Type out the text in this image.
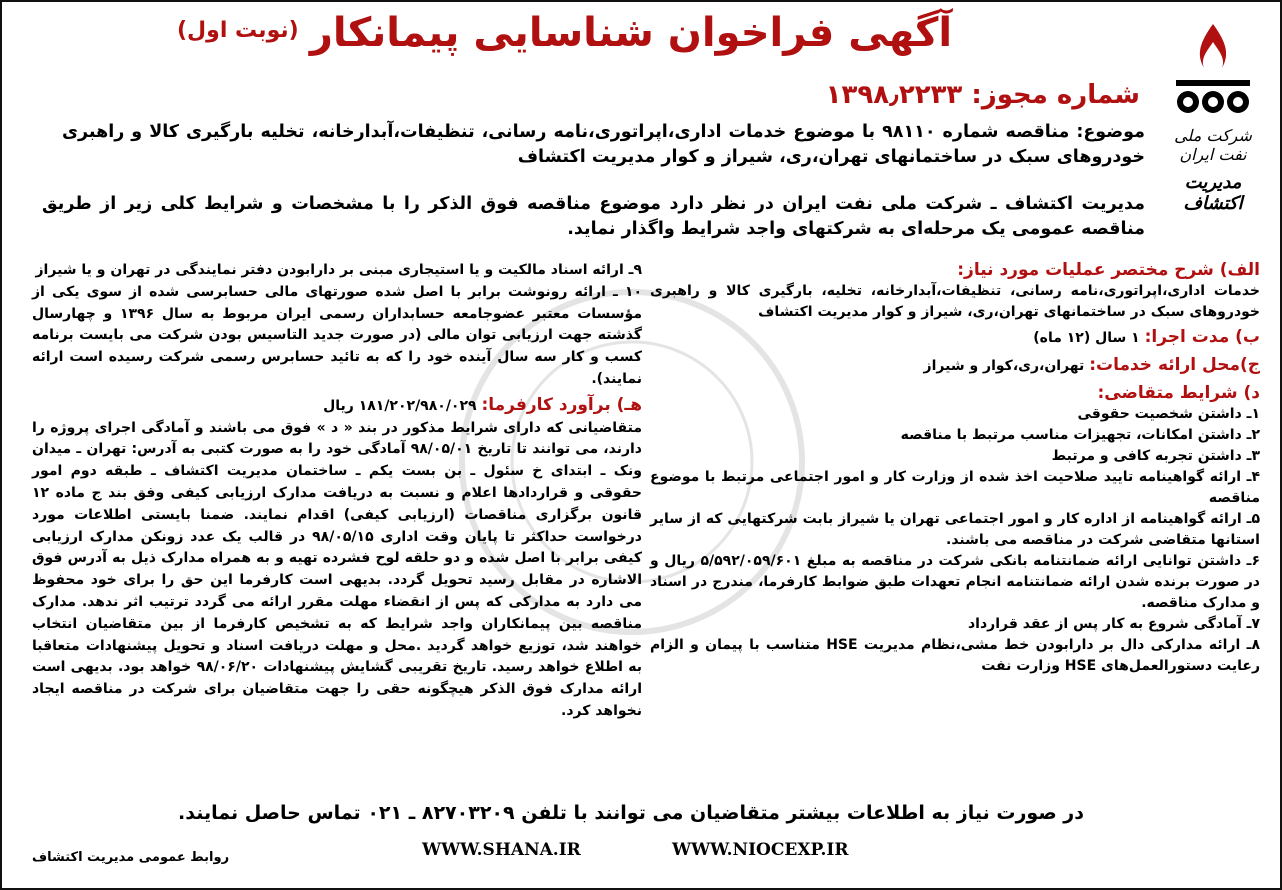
شرکت ملی نفت ایران
مدیریت اکتشاف
آگهی فراخوان شناسایی پیمانکار
(نوبت اول)
شماره مجوز: ۱۳۹۸٫۲۲۳۳
موضوع: مناقصه شماره ۹۸۱۱۰ با موضوع خدمات اداری،اپراتوری،نامه رسانی، تنظیفات،آبدارخانه، تخلیه بارگیری کالا و راهبری خودروهای سبک در ساختمانهای تهران،ری، شیراز و کوار مدیریت اکتشاف
مدیریت اکتشاف ـ شرکت ملی نفت ایران در نظر دارد موضوع مناقصه فوق الذکر را با مشخصات و شرایط کلی زیر از طریق مناقصه عمومی یک مرحله‌ای به شرکتهای واجد شرایط واگذار نماید.
الف) شرح مختصر عملیات مورد نیاز:
خدمات اداری،اپراتوری،نامه رسانی، تنظیفات،آبدارخانه، تخلیه، بارگیری کالا و راهبری خودروهای سبک در ساختمانهای تهران،ری، شیراز و کوار مدیریت اکتشاف
ب) مدت اجرا: ۱ سال (۱۲ ماه)
ج)محل ارائه خدمات: تهران،ری،کوار و شیراز
د) شرایط متقاضی:
۱ـ داشتن شخصیت حقوقی
۲ـ داشتن امکانات، تجهیزات مناسب مرتبط با مناقصه
۳ـ داشتن تجربه کافی و مرتبط
۴ـ ارائه گواهینامه تایید صلاحیت اخذ شده از وزارت کار و امور اجتماعی مرتبط با موضوع مناقصه
۵ـ ارائه گواهینامه از اداره کار و امور اجتماعی تهران یا شیراز بابت شرکتهایی که از سایر استانها متقاضی شرکت در مناقصه می باشند.
۶ـ داشتن توانایی ارائه ضمانتنامه بانکی شرکت در مناقصه به مبلغ ۵/۵۹۲/۰۵۹/۶۰۱ ریال و در صورت برنده شدن ارائه ضمانتنامه انجام تعهدات طبق ضوابط کارفرما، مندرج در اسناد و مدارک مناقصه.
۷ـ آمادگی شروع به کار پس از عقد قرارداد
۸ـ ارائه مدارکی دال بر دارابودن خط مشی،نظام مدیریت HSE متناسب با پیمان و الزام رعایت دستورالعمل‌های HSE وزارت نفت
۹ـ ارائه اسناد مالکیت و یا استیجاری مبنی بر دارابودن دفتر نمایندگی در تهران و یا شیراز
۱۰ ـ ارائه رونوشت برابر با اصل شده صورتهای مالی حسابرسی شده از سوی یکی از مؤسسات معتبر عضوجامعه حسابداران رسمی ایران مربوط به سال ۱۳۹۶ و چهارسال گذشته جهت ارزیابی توان مالی (در صورت جدید التاسیس بودن شرکت می بایست برنامه کسب و کار سه سال آینده خود را که به تائید حسابرس رسمی شرکت رسیده است ارائه نمایند).
هـ) برآورد کارفرما: ۱۸۱/۲۰۲/۹۸۰/۰۲۹ ریال
متقاضیانی که دارای شرایط مذکور در بند « د » فوق می باشند و آمادگی اجرای پروژه را دارند، می توانند تا تاریخ ۹۸/۰۵/۰۱ آمادگی خود را به صورت کتبی به آدرس: تهران ـ میدان ونک ـ ابتدای خ سئول ـ بن بست یکم ـ ساختمان مدیریت اکتشاف ـ طبقه دوم امور حقوقی و قراردادها اعلام و نسبت به دریافت مدارک ارزیابی کیفی وفق بند ج ماده ۱۲ قانون برگزاری مناقصات (ارزیابی کیفی) اقدام نمایند. ضمنا بایستی اطلاعات مورد درخواست حداکثر تا پایان وقت اداری ۹۸/۰۵/۱۵ در قالب یک عدد زونکن مدارک ارزیابی کیفی برابر با اصل شده و دو حلقه لوح فشرده تهیه و به همراه مدارک ذیل به آدرس فوق الاشاره در مقابل رسید تحویل گردد. بدیهی است کارفرما این حق را برای خود محفوظ می دارد به مدارکی که پس از انقضاء مهلت مقرر ارائه می گردد ترتیب اثر ندهد. مدارک مناقصه بین پیمانکاران واجد شرایط که به تشخیص کارفرما از بین متقاضیان انتخاب خواهند شد، توزیع خواهد گردید .محل و مهلت دریافت اسناد و تحویل پیشنهادات متعاقبا به اطلاع خواهد رسید. تاریخ تقریبی گشایش پیشنهادات ۹۸/۰۶/۲۰ خواهد بود. بدیهی است ارائه مدارک فوق الذکر هیچگونه حقی را جهت متقاضیان برای شرکت در مناقصه ایجاد نخواهد کرد.
در صورت نیاز به اطلاعات بیشتر متقاضیان می توانند با تلفن ۸۲۷۰۳۲۰۹ ـ ۰۲۱ تماس حاصل نمایند.
WWW.NIOCEXP.IR
WWW.SHANA.IR
روابط عمومی مدیریت اکتشاف
